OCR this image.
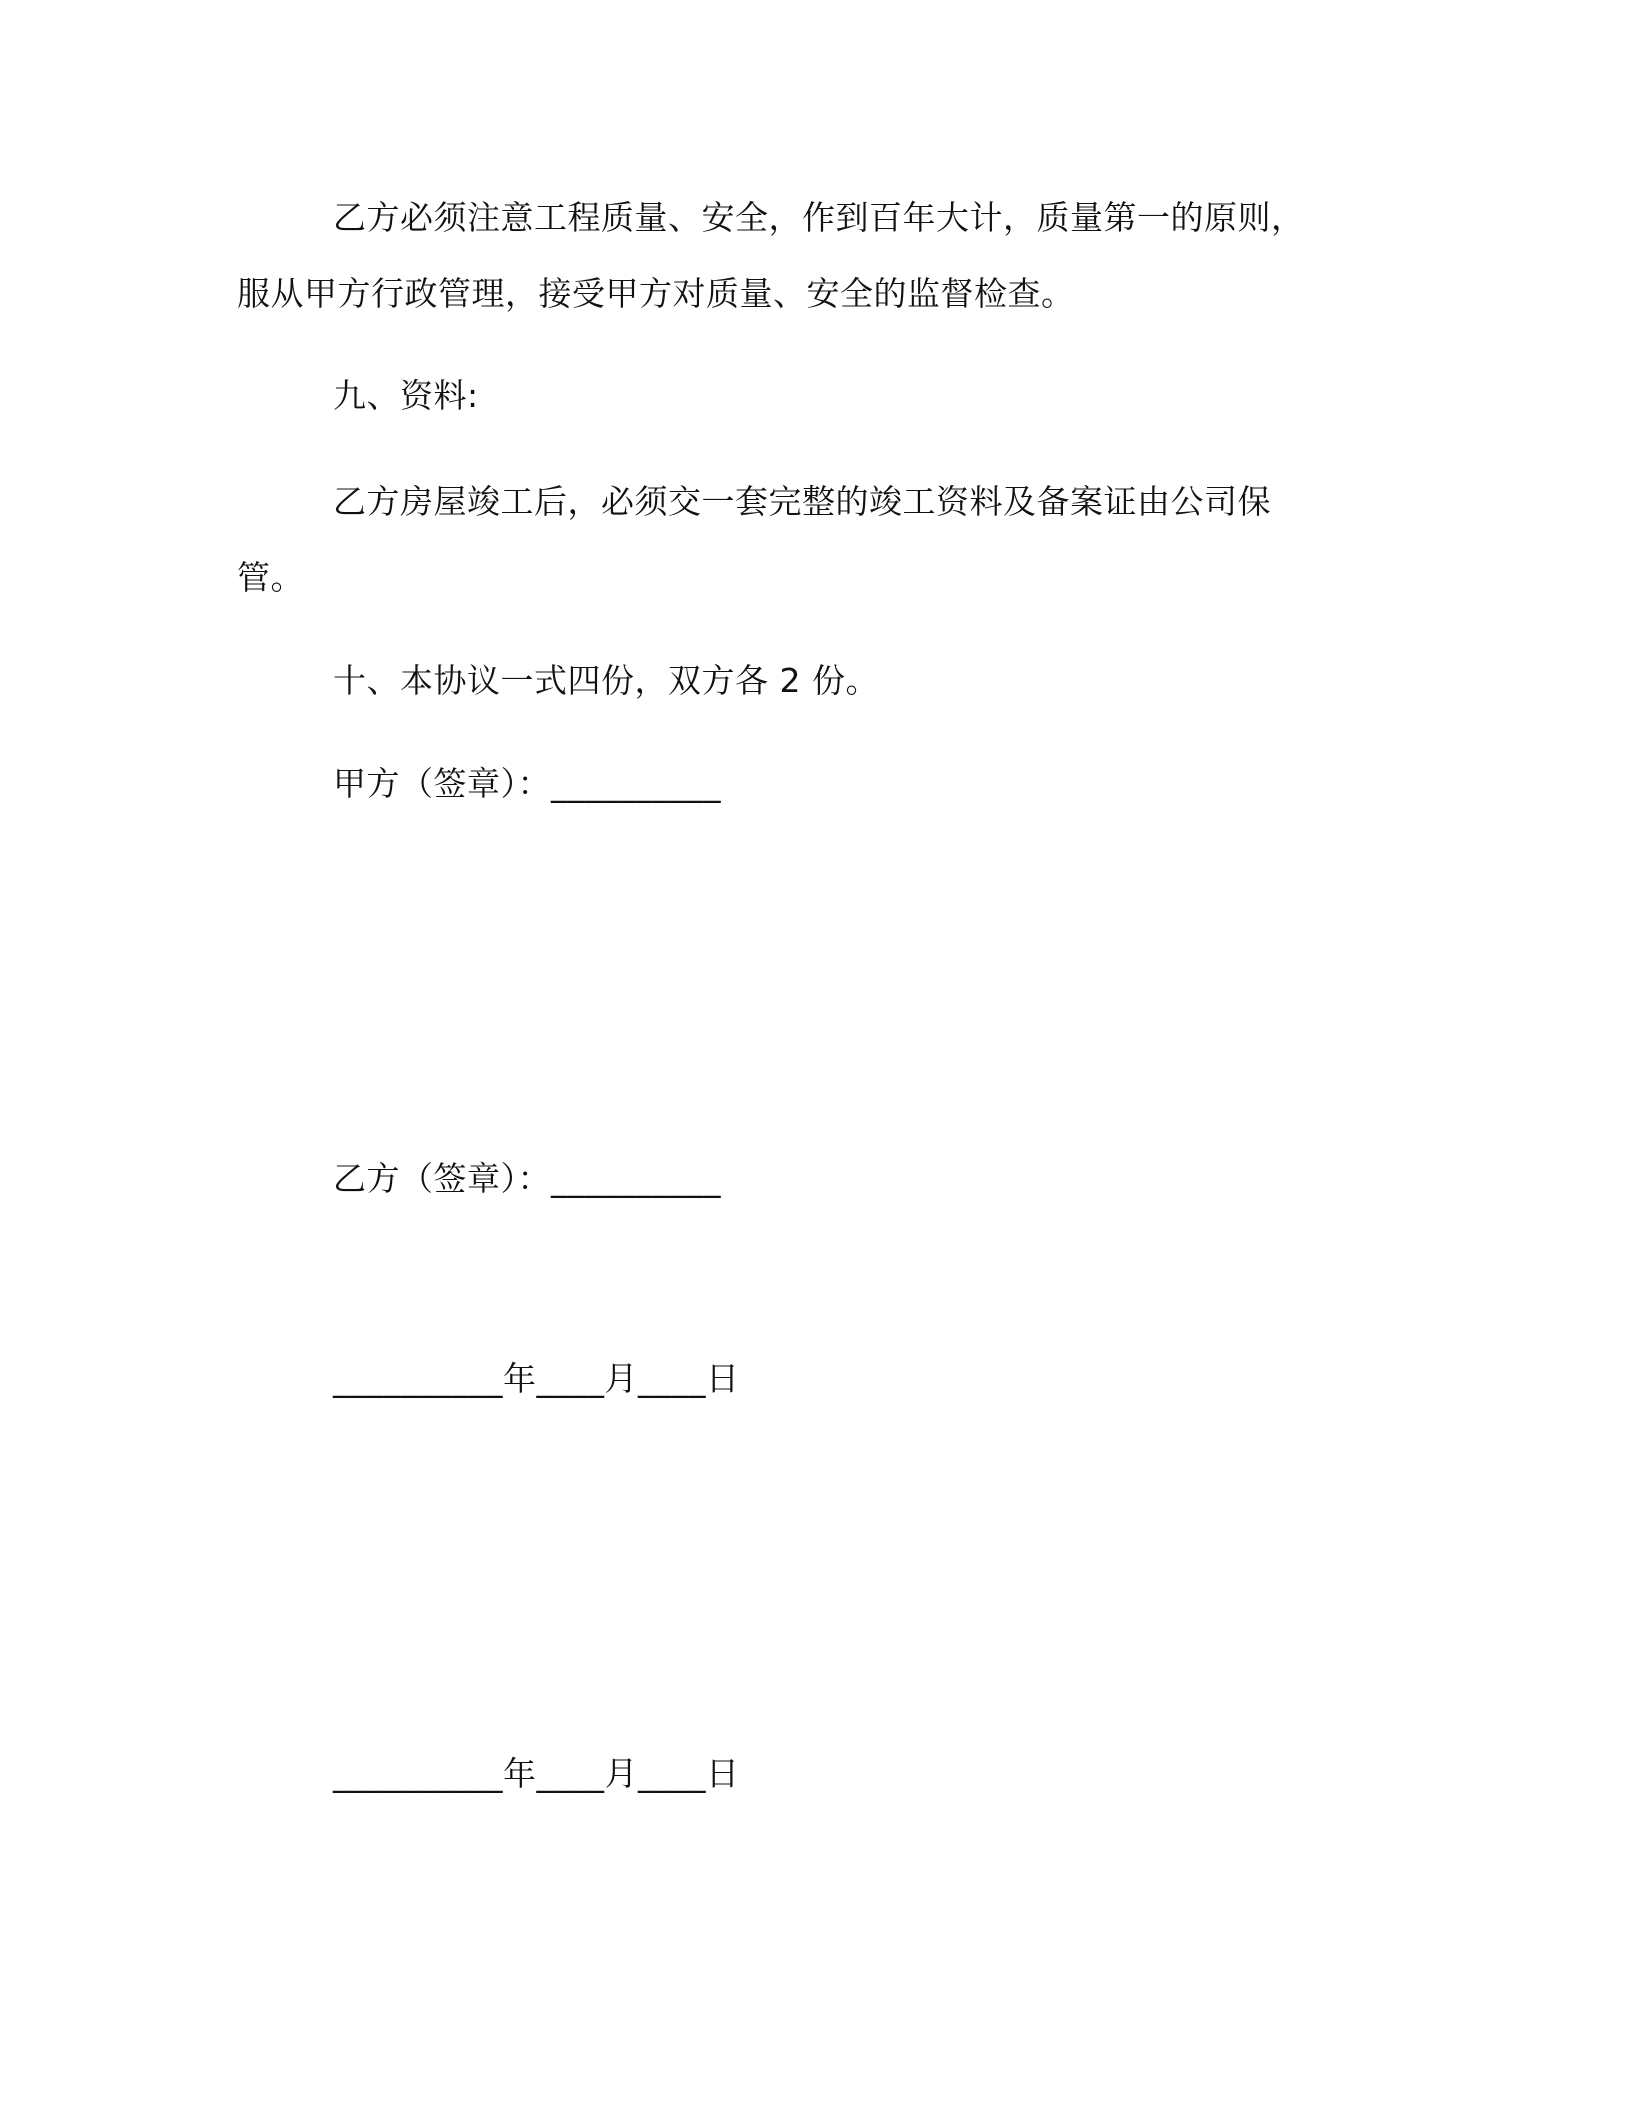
乙方必须注意工程质量、安全，作到百年大计，质量第一的原则，
服从甲方行政管理，接受甲方对质量、安全的监督检查。
九、资料:
乙方房屋竣工后，必须交一套完整的竣工资料及备案证由公司保
管。
十、本协议一式四份，双方各 2 份。
甲方（签章）：__________
乙方（签章）：__________
__________年____月____日
__________年____月____日
